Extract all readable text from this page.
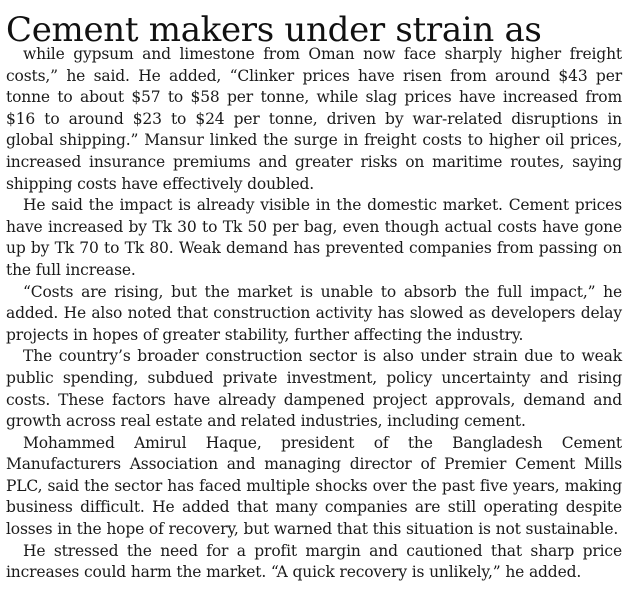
Cement makers under strain as

while gypsum and limestone from Oman now face sharply higher freight costs,” he said. He added, “Clinker prices have risen from around $43 per tonne to about $57 to $58 per tonne, while slag prices have increased from $16 to around $23 to $24 per tonne, driven by war-related disruptions in global shipping.” Mansur linked the surge in freight costs to higher oil prices, increased insurance premiums and greater risks on maritime routes, saying shipping costs have effectively doubled.

He said the impact is already visible in the domestic market. Cement prices have increased by Tk 30 to Tk 50 per bag, even though actual costs have gone up by Tk 70 to Tk 80. Weak demand has prevented companies from passing on the full increase.

“Costs are rising, but the market is unable to absorb the full impact,” he added. He also noted that construction activity has slowed as developers delay projects in hopes of greater stability, further affecting the industry.

The country’s broader construction sector is also under strain due to weak public spending, subdued private investment, policy uncertainty and rising costs. These factors have already dampened project approvals, demand and growth across real estate and related industries, including cement.

Mohammed Amirul Haque, president of the Bangladesh Cement Manufacturers Association and managing director of Premier Cement Mills PLC, said the sector has faced multiple shocks over the past five years, making business difficult. He added that many companies are still operating despite losses in the hope of recovery, but warned that this situation is not sustainable.

He stressed the need for a profit margin and cautioned that sharp price increases could harm the market. “A quick recovery is unlikely,” he added.
